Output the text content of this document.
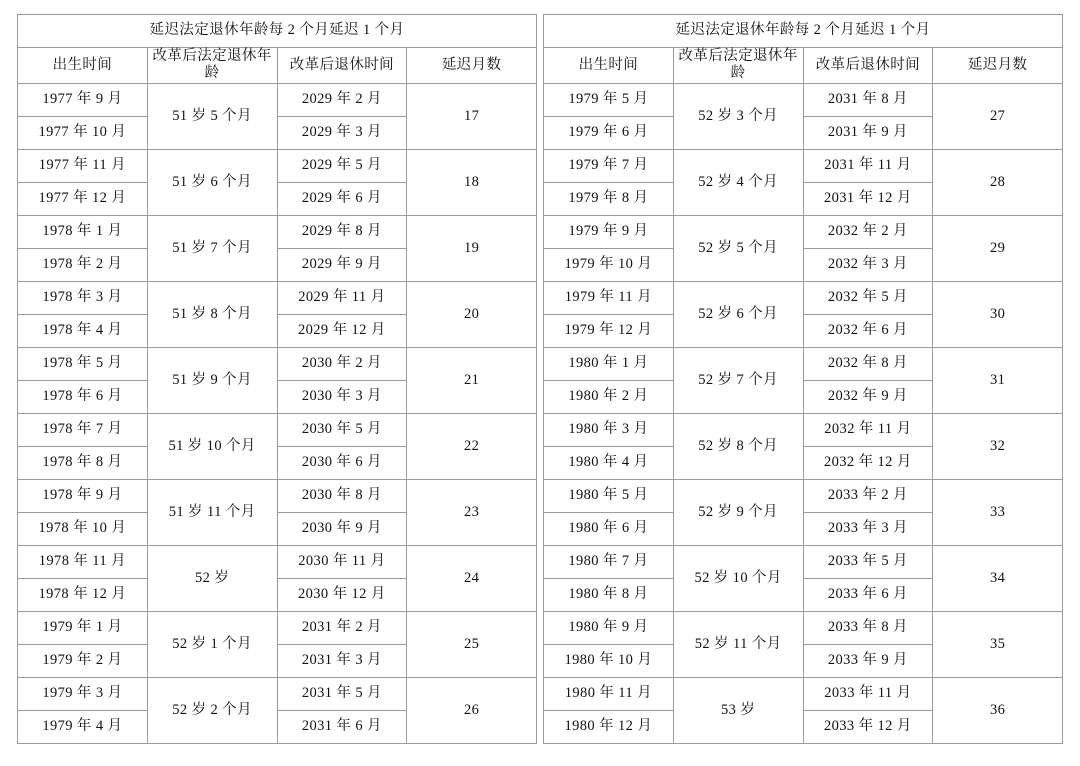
延迟法定退休年龄每 2 个月延迟 1 个月			
出生时间	改革后法定退休年龄	改革后退休时间	延迟月数
1977 年 9 月	51 岁 5 个月	2029 年 2 月	17
1977 年 10 月		2029 年 3 月	
1977 年 11 月	51 岁 6 个月	2029 年 5 月	18
1977 年 12 月		2029 年 6 月	
1978 年 1 月	51 岁 7 个月	2029 年 8 月	19
1978 年 2 月		2029 年 9 月	
1978 年 3 月	51 岁 8 个月	2029 年 11 月	20
1978 年 4 月		2029 年 12 月	
1978 年 5 月	51 岁 9 个月	2030 年 2 月	21
1978 年 6 月		2030 年 3 月	
1978 年 7 月	51 岁 10 个月	2030 年 5 月	22
1978 年 8 月		2030 年 6 月	
1978 年 9 月	51 岁 11 个月	2030 年 8 月	23
1978 年 10 月		2030 年 9 月	
1978 年 11 月	52 岁	2030 年 11 月	24
1978 年 12 月		2030 年 12 月	
1979 年 1 月	52 岁 1 个月	2031 年 2 月	25
1979 年 2 月		2031 年 3 月	
1979 年 3 月	52 岁 2 个月	2031 年 5 月	26
1979 年 4 月		2031 年 6 月	
延迟法定退休年龄每 2 个月延迟 1 个月			
出生时间	改革后法定退休年龄	改革后退休时间	延迟月数
1979 年 5 月	52 岁 3 个月	2031 年 8 月	27
1979 年 6 月		2031 年 9 月	
1979 年 7 月	52 岁 4 个月	2031 年 11 月	28
1979 年 8 月		2031 年 12 月	
1979 年 9 月	52 岁 5 个月	2032 年 2 月	29
1979 年 10 月		2032 年 3 月	
1979 年 11 月	52 岁 6 个月	2032 年 5 月	30
1979 年 12 月		2032 年 6 月	
1980 年 1 月	52 岁 7 个月	2032 年 8 月	31
1980 年 2 月		2032 年 9 月	
1980 年 3 月	52 岁 8 个月	2032 年 11 月	32
1980 年 4 月		2032 年 12 月	
1980 年 5 月	52 岁 9 个月	2033 年 2 月	33
1980 年 6 月		2033 年 3 月	
1980 年 7 月	52 岁 10 个月	2033 年 5 月	34
1980 年 8 月		2033 年 6 月	
1980 年 9 月	52 岁 11 个月	2033 年 8 月	35
1980 年 10 月		2033 年 9 月	
1980 年 11 月	53 岁	2033 年 11 月	36
1980 年 12 月		2033 年 12 月	
